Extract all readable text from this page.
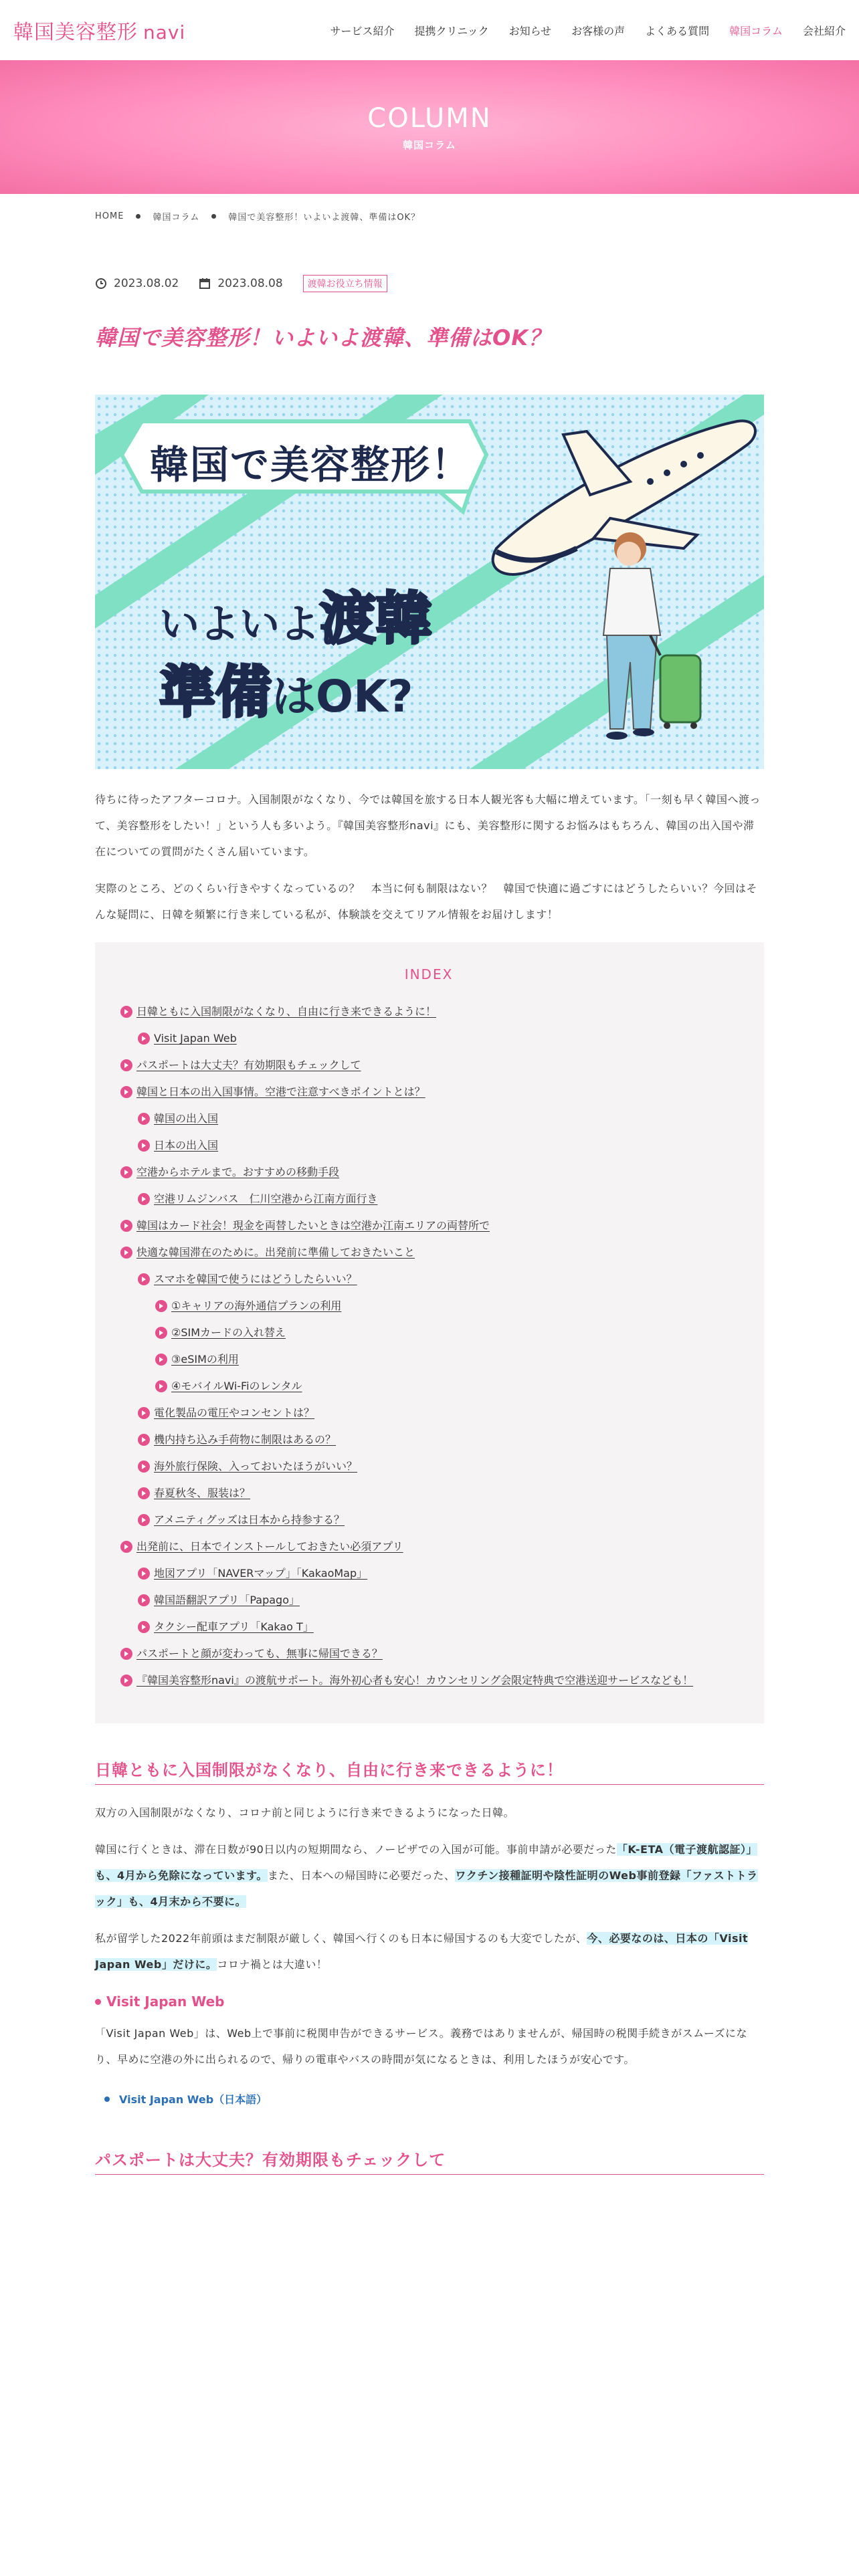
韓国美容整形 navi	サービス紹介 提携クリニック お知らせ お客様の声 よくある質問 韓国コラム 会社紹介
COLUMN
韓国コラム
HOME	韓国コラム	韓国で美容整形！いよいよ渡韓、準備はOK？
2023.08.02	2023.08.08	渡韓お役立ち情報
韓国で美容整形！いよいよ渡韓、準備はOK？
韓国で美容整形！
いよいよ渡韓
準備はOK?

待ちに待ったアフターコロナ。入国制限がなくなり、今では韓国を旅する日本人観光客も大幅に増えています。「一刻も早く韓国へ渡って、美容整形をしたい！」という人も多いよう。『韓国美容整形navi』にも、美容整形に関するお悩みはもちろん、韓国の出入国や滞在についての質問がたくさん届いています。

実際のところ、どのくらい行きやすくなっているの？　本当に何も制限はない？　韓国で快適に過ごすにはどうしたらいい？今回はそんな疑問に、日韓を頻繁に行き来している私が、体験談を交えてリアル情報をお届けします！

INDEX
日韓ともに入国制限がなくなり、自由に行き来できるように！
Visit Japan Web
パスポートは大丈夫？有効期限もチェックして
韓国と日本の出入国事情。空港で注意すべきポイントとは？
韓国の出入国
日本の出入国
空港からホテルまで。おすすめの移動手段
空港リムジンバス　仁川空港から江南方面行き
韓国はカード社会！現金を両替したいときは空港か江南エリアの両替所で
快適な韓国滞在のために。出発前に準備しておきたいこと
スマホを韓国で使うにはどうしたらいい？
①キャリアの海外通信プランの利用
②SIMカードの入れ替え
③eSIMの利用
④モバイルWi-Fiのレンタル
電化製品の電圧やコンセントは？
機内持ち込み手荷物に制限はあるの？
海外旅行保険、入っておいたほうがいい？
春夏秋冬、服装は？
アメニティグッズは日本から持参する？
出発前に、日本でインストールしておきたい必須アプリ
地図アプリ「NAVERマップ」「KakaoMap」
韓国語翻訳アプリ「Papago」
タクシー配車アプリ「Kakao T」
パスポートと顔が変わっても、無事に帰国できる？
『韓国美容整形navi』の渡航サポート。海外初心者も安心！カウンセリング会限定特典で空港送迎サービスなども！
日韓ともに入国制限がなくなり、自由に行き来できるように！

双方の入国制限がなくなり、コロナ前と同じように行き来できるようになった日韓。

韓国に行くときは、滞在日数が90日以内の短期間なら、ノービザでの入国が可能。事前申請が必要だった「K-ETA（電子渡航認証）」も、4月から免除になっています。また、日本への帰国時に必要だった、ワクチン接種証明や陰性証明のWeb事前登録「ファストトラック」も、4月末から不要に。

私が留学した2022年前頭はまだ制限が厳しく、韓国へ行くのも日本に帰国するのも大変でしたが、今、必要なのは、日本の「Visit Japan Web」だけに。コロナ禍とは大違い！

Visit Japan Web

「Visit Japan Web」は、Web上で事前に税関申告ができるサービス。義務ではありませんが、帰国時の税関手続きがスムーズになり、早めに空港の外に出られるので、帰りの電車やバスの時間が気になるときは、利用したほうが安心です。

Visit Japan Web（日本語）
パスポートは大丈夫？有効期限もチェックして
